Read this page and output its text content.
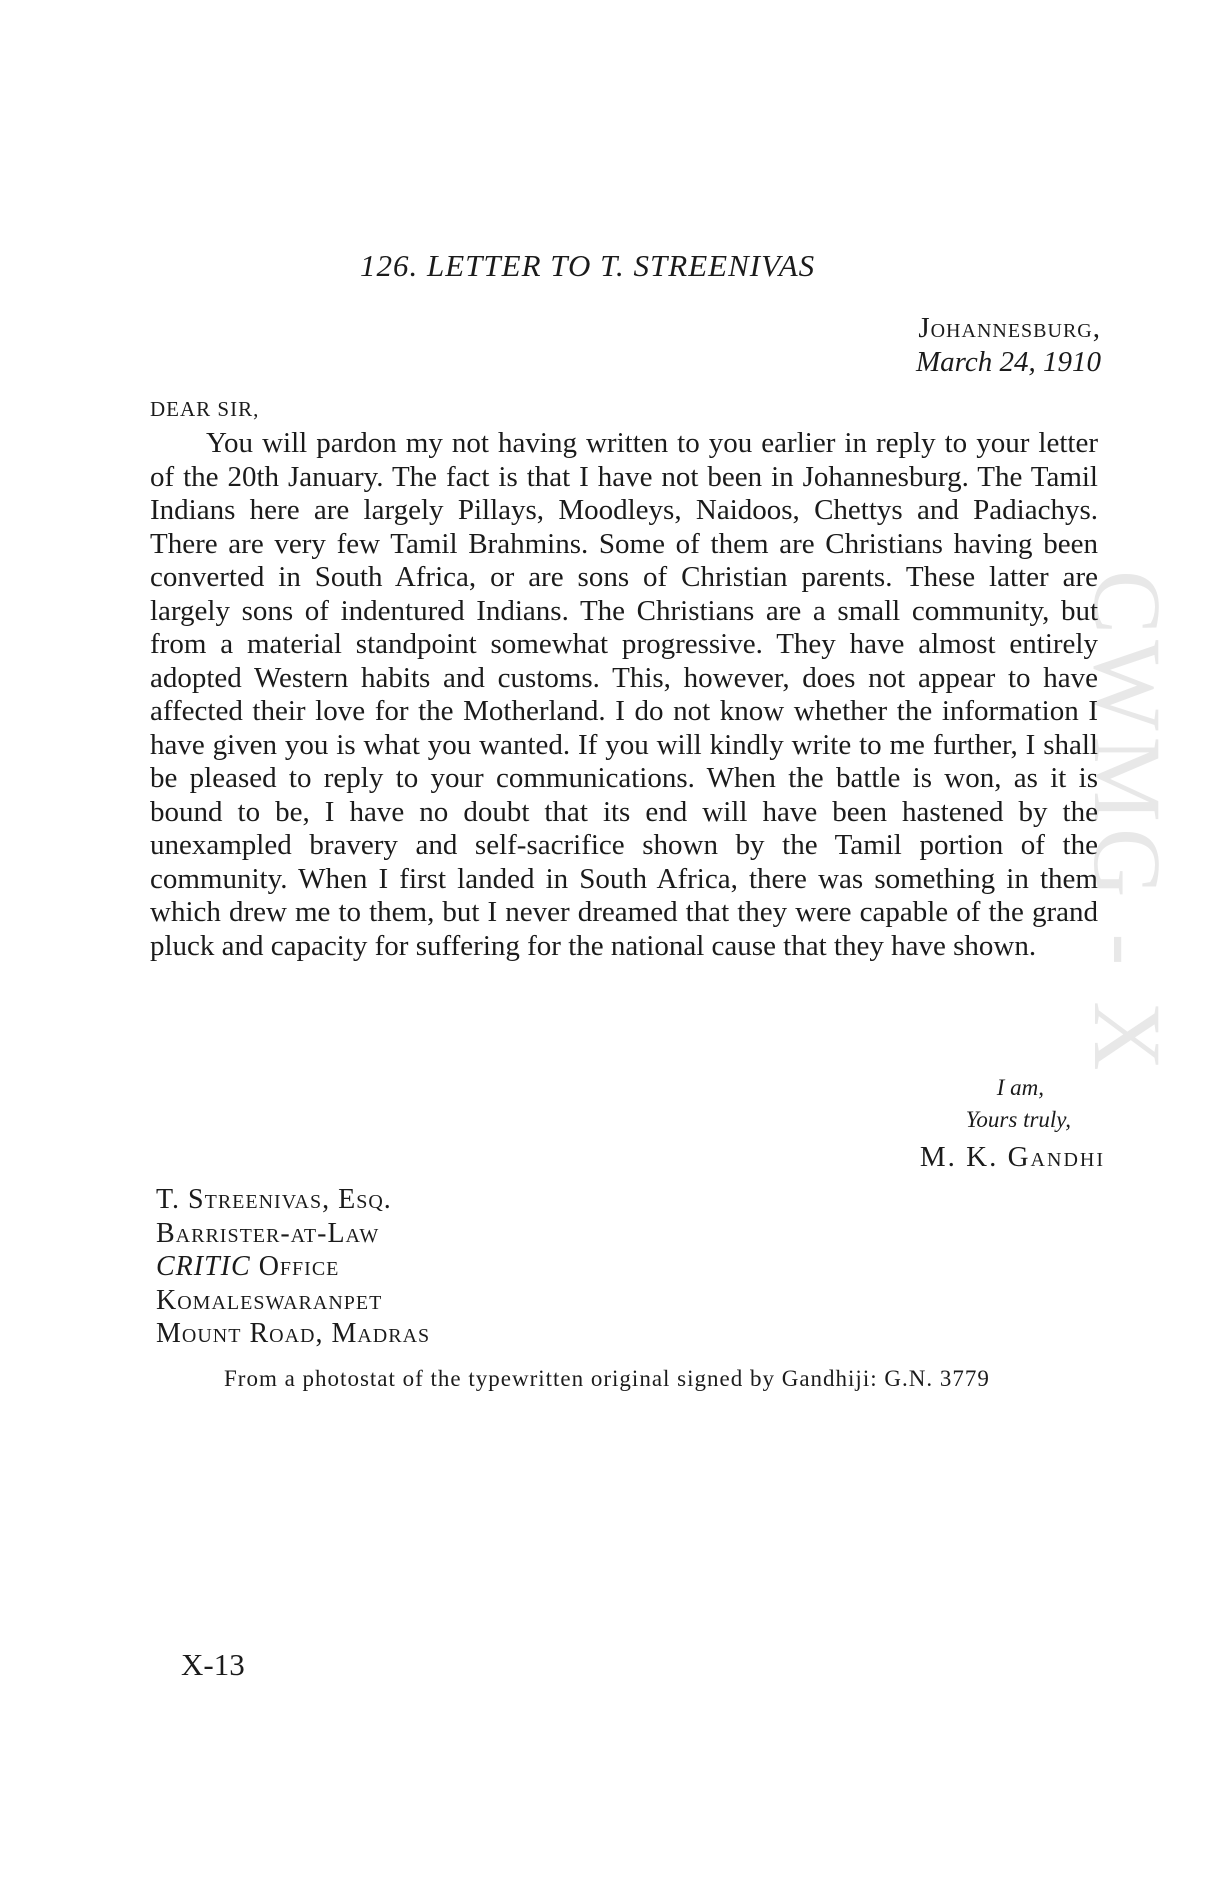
CWMG - X
126. LETTER TO T. STREENIVAS
Johannesburg,
March 24, 1910
DEAR SIR,

You will pardon my not having written to you earlier in reply to your letter of the 20th January. The fact is that I have not been in Johannesburg. The Tamil Indians here are largely Pillays, Moodleys, Naidoos, Chettys and Padiachys. There are very few Tamil Brahmins. Some of them are Christians having been converted in South Africa, or are sons of Christian parents. These latter are largely sons of indentured Indians. The Christians are a small community, but from a material standpoint somewhat progressive. They have almost entirely adopted Western habits and customs. This, however, does not appear to have affected their love for the Motherland. I do not know whether the information I have given you is what you wanted. If you will kindly write to me further, I shall be pleased to reply to your communications. When the battle is won, as it is bound to be, I have no doubt that its end will have been hastened by the unexampled bravery and self-sacrifice shown by the Tamil portion of the community. When I first landed in South Africa, there was something in them which drew me to them, but I never dreamed that they were capable of the grand pluck and capacity for suffering for the national cause that they have shown.

I am,
Yours truly,
M. K. Gandhi
T. Streenivas, Esq.
Barrister-at-Law
CRITIC Office
Komaleswaranpet
Mount Road, Madras
From a photostat of the typewritten original signed by Gandhiji: G.N. 3779
X-13
